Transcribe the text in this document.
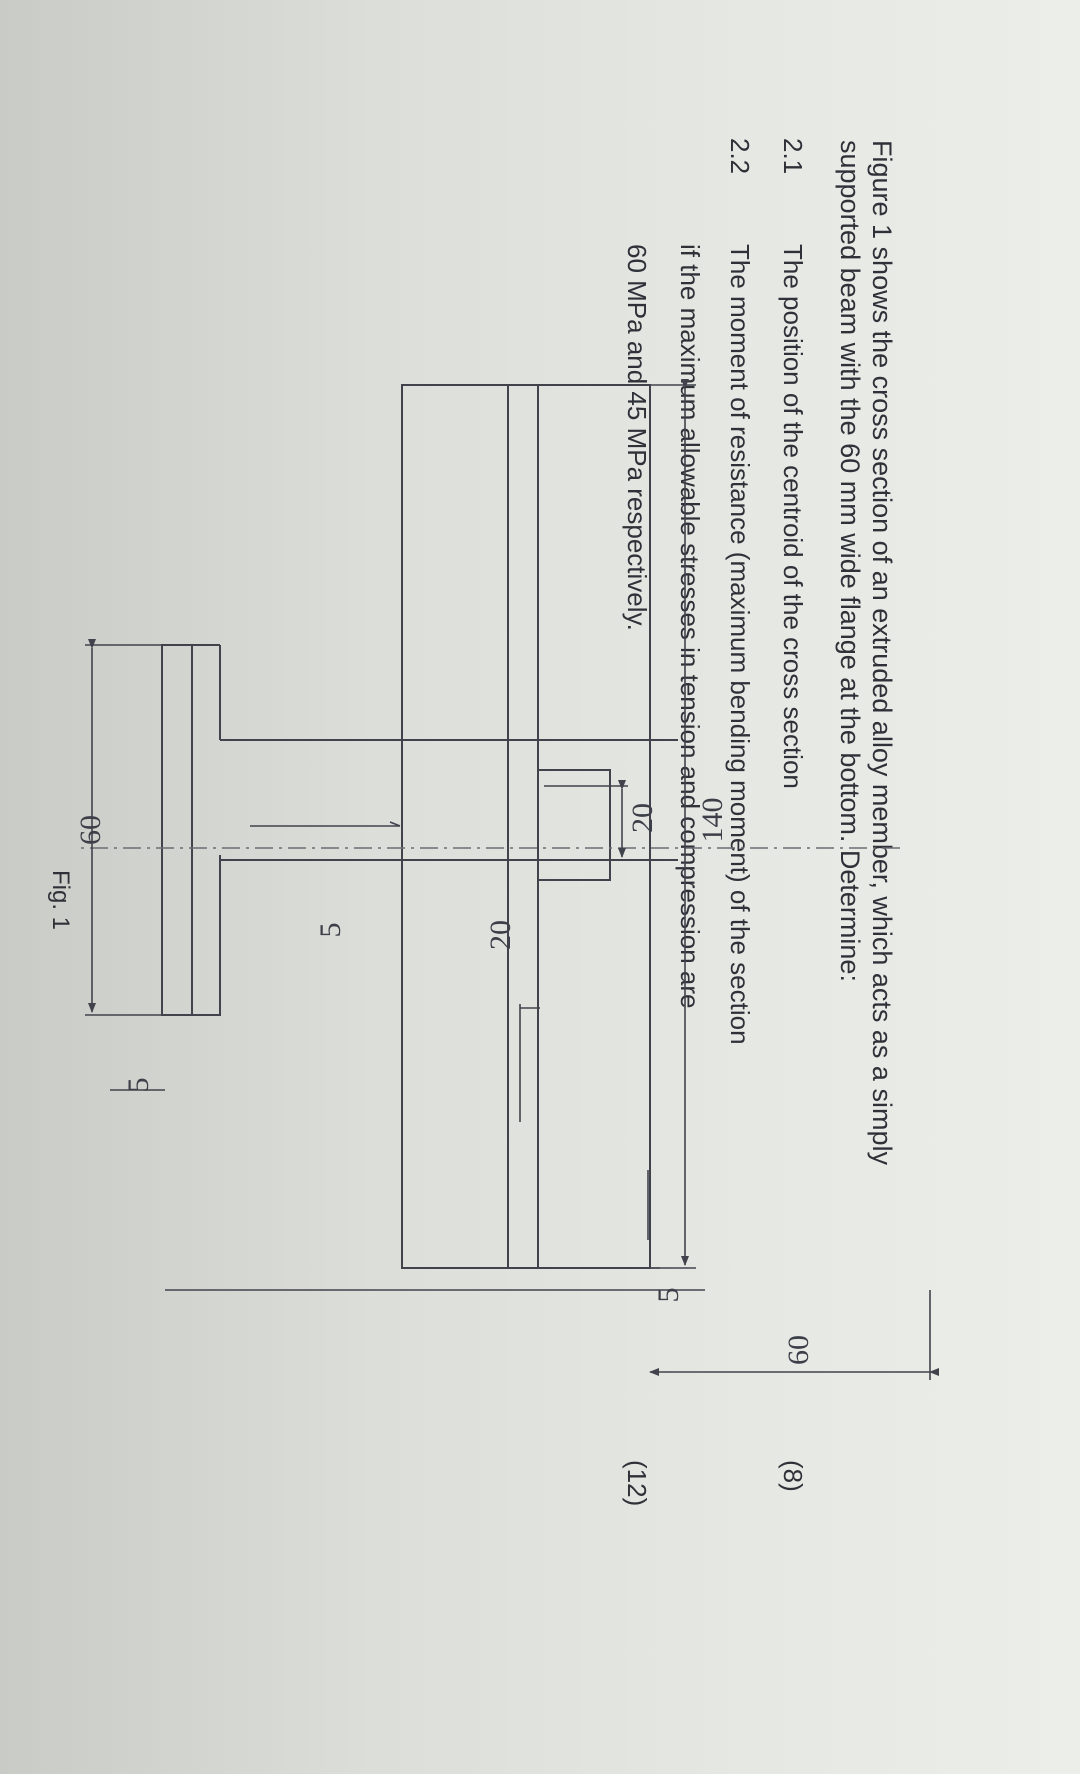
Figure 1 shows the cross section of an extruded alloy member, which acts as a simply
supported beam with the 60 mm wide flange at the bottom. Determine:
2.1
The position of the centroid of the cross section
(8)
2.2
The moment of resistance (maximum bending moment) of the section
if the maximum allowable stresses in tension and compression are
60 MPa and 45 MPa respectively.
(12)
140
20
20
5
5
60
5
60
Fig. 1
